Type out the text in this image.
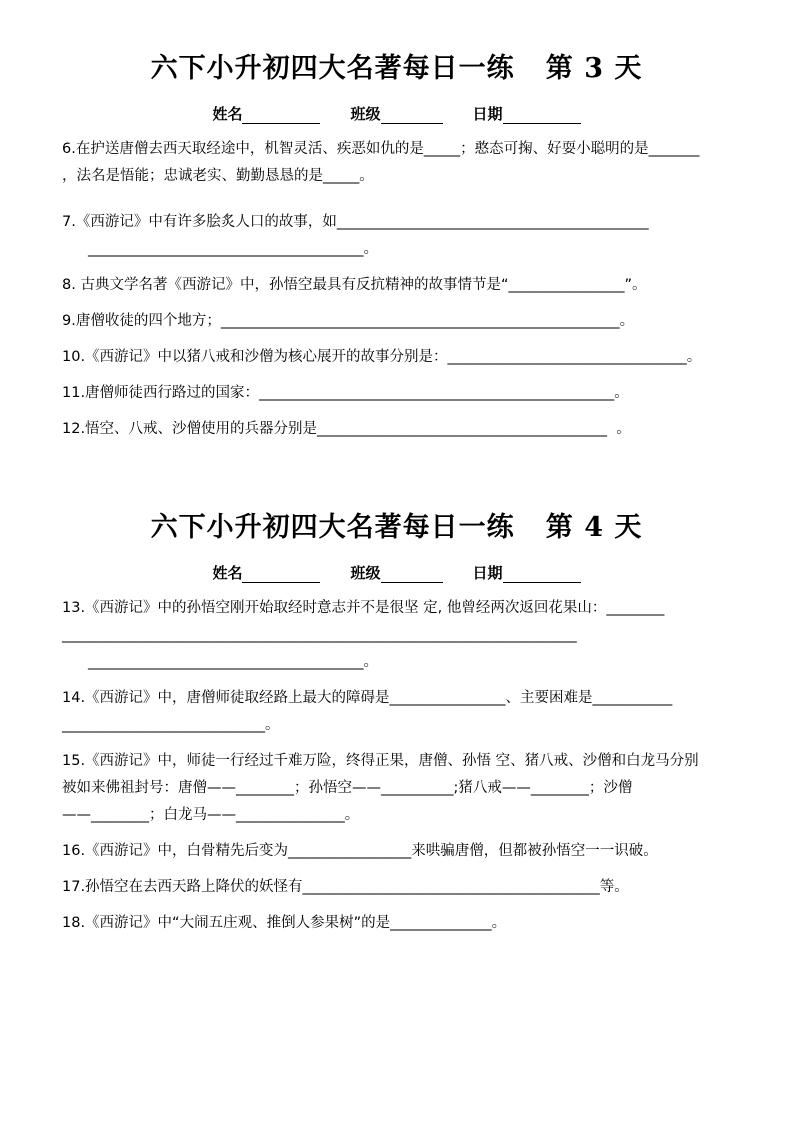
六下小升初四大名著每日一练   第 3 天
姓名	班级	日期
6.在护送唐僧去西天取经途中，机智灵活、疾恶如仇的是_____；憨态可掬、好耍小聪明的是_______
，法名是悟能；忠诚老实、勤勤恳恳的是_____。
7.《西游记》中有许多脍炙人口的故事，如___________________________________________
______________________________________。
8. 古典文学名著《西游记》中，孙悟空最具有反抗精神的故事情节是“________________”。
9.唐僧收徒的四个地方；_______________________________________________________。
10.《西游记》中以猪八戒和沙僧为核心展开的故事分别是：_________________________________。
11.唐僧师徒西行路过的国家：_________________________________________________。
12.悟空、八戒、沙僧使用的兵器分别是________________________________________  。
六下小升初四大名著每日一练   第 4 天
姓名	班级	日期
13.《西游记》中的孙悟空刚开始取经时意志并不是很坚 定, 他曾经两次返回花果山：________
_______________________________________________________________________
______________________________________。
14.《西游记》中，唐僧师徒取经路上最大的障碍是________________、主要困难是___________
____________________________。
15.《西游记》中，师徒一行经过千难万险，终得正果，唐僧、孙悟 空、猪八戒、沙僧和白龙马分别
被如来佛祖封号：唐僧——________；孙悟空——__________;猪八戒——________；沙僧
——________；白龙马——_______________。
16.《西游记》中，白骨精先后变为_________________来哄骗唐僧，但都被孙悟空一一识破。
17.孙悟空在去西天路上降伏的妖怪有_________________________________________等。
18.《西游记》中“大闹五庄观、推倒人参果树”的是______________。
